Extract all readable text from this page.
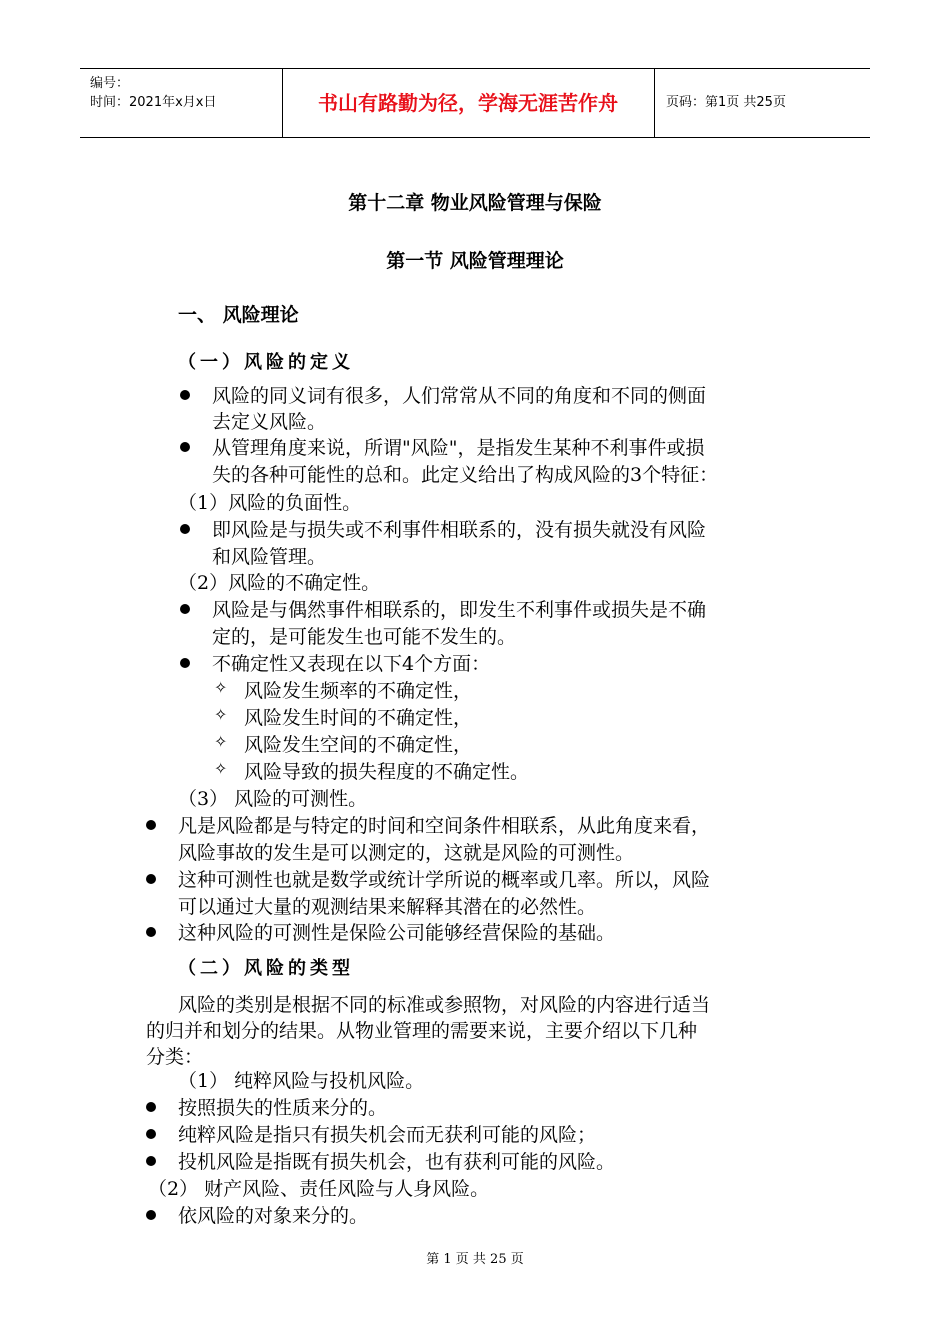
编号：
时间：2021年x月x日	书山有路勤为径，学海无涯苦作舟	页码：第1页 共25页
第十二章 物业风险管理与保险
第一节 风险管理理论
一、 风险理论
（一）风险的定义
风险的同义词有很多，人们常常从不同的角度和不同的侧面
去定义风险。
从管理角度来说，所谓"风险"，是指发生某种不利事件或损
失的各种可能性的总和。此定义给出了构成风险的3个特征：
（1）风险的负面性。
即风险是与损失或不利事件相联系的，没有损失就没有风险
和风险管理。
（2）风险的不确定性。
风险是与偶然事件相联系的，即发生不利事件或损失是不确
定的，是可能发生也可能不发生的。
不确定性又表现在以下4个方面：
✧ 风险发生频率的不确定性，
✧ 风险发生时间的不确定性，
✧ 风险发生空间的不确定性，
✧ 风险导致的损失程度的不确定性。
（3） 风险的可测性。
凡是风险都是与特定的时间和空间条件相联系，从此角度来看，
风险事故的发生是可以测定的，这就是风险的可测性。
这种可测性也就是数学或统计学所说的概率或几率。所以，风险
可以通过大量的观测结果来解释其潜在的必然性。
这种风险的可测性是保险公司能够经营保险的基础。
（二）风险的类型
风险的类别是根据不同的标准或参照物，对风险的内容进行适当
的归并和划分的结果。从物业管理的需要来说，主要介绍以下几种
分类：
（1） 纯粹风险与投机风险。
按照损失的性质来分的。
纯粹风险是指只有损失机会而无获利可能的风险；
投机风险是指既有损失机会，也有获利可能的风险。
（2） 财产风险、责任风险与人身风险。
依风险的对象来分的。
第 1 页 共 25 页
